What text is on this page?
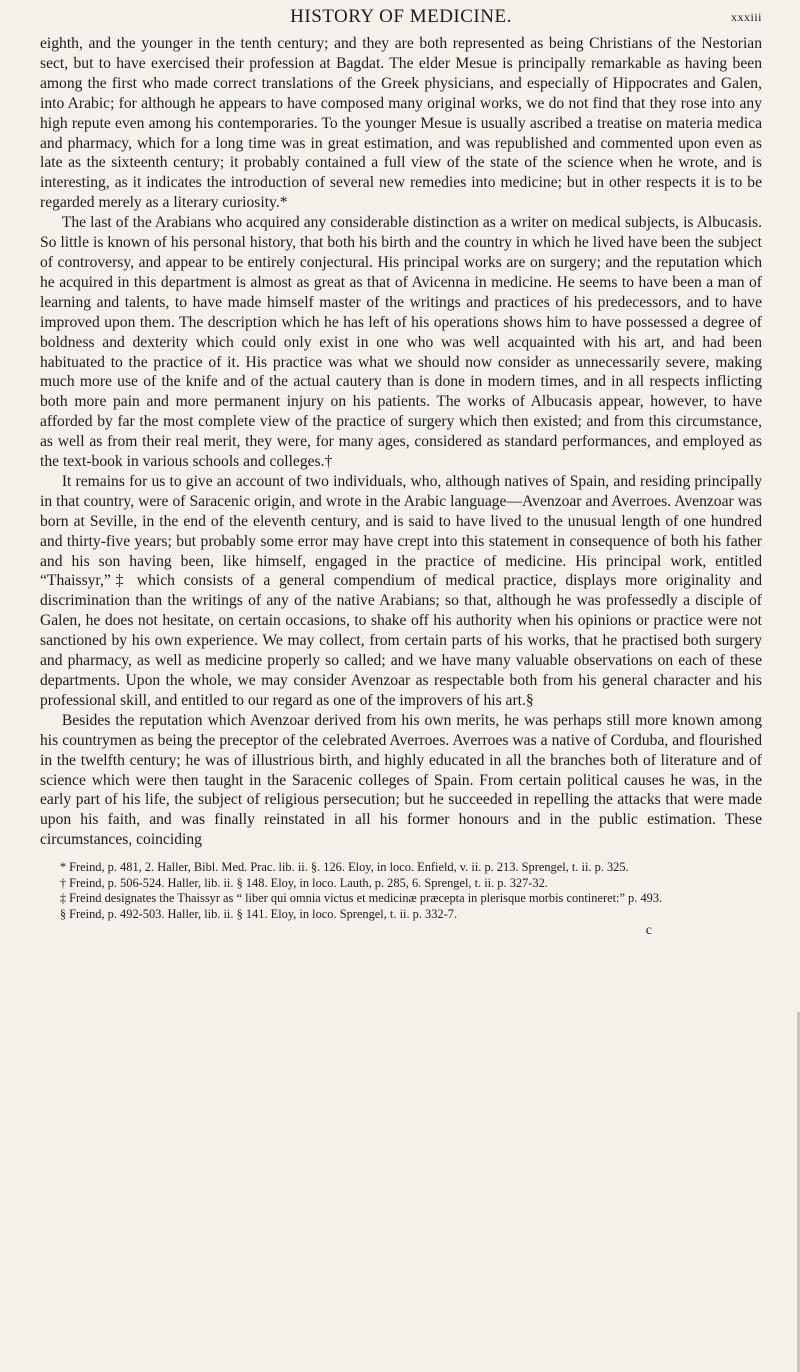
HISTORY OF MEDICINE.	xxxiii

eighth, and the younger in the tenth century; and they are both represented as being Christians of the Nestorian sect, but to have exercised their profession at Bagdat. The elder Mesue is principally remarkable as having been among the first who made correct translations of the Greek physicians, and especially of Hippocrates and Galen, into Arabic; for although he appears to have composed many original works, we do not find that they rose into any high repute even among his contemporaries. To the younger Mesue is usually ascribed a treatise on materia medica and pharmacy, which for a long time was in great estimation, and was republished and commented upon even as late as the sixteenth century; it probably contained a full view of the state of the science when he wrote, and is interesting, as it indicates the introduction of several new remedies into medicine; but in other respects it is to be regarded merely as a literary curiosity.*

The last of the Arabians who acquired any considerable distinction as a writer on medical subjects, is Albucasis. So little is known of his personal history, that both his birth and the country in which he lived have been the subject of controversy, and appear to be entirely conjectural. His principal works are on surgery; and the reputation which he acquired in this department is almost as great as that of Avicenna in medicine. He seems to have been a man of learning and talents, to have made himself master of the writings and practices of his predecessors, and to have improved upon them. The description which he has left of his operations shows him to have possessed a degree of boldness and dexterity which could only exist in one who was well acquainted with his art, and had been habituated to the practice of it. His practice was what we should now consider as unnecessarily severe, making much more use of the knife and of the actual cautery than is done in modern times, and in all respects inflicting both more pain and more permanent injury on his patients. The works of Albucasis appear, however, to have afforded by far the most complete view of the practice of surgery which then existed; and from this circumstance, as well as from their real merit, they were, for many ages, considered as standard performances, and employed as the text-book in various schools and colleges.†

It remains for us to give an account of two individuals, who, although natives of Spain, and residing principally in that country, were of Saracenic origin, and wrote in the Arabic language—Avenzoar and Averroes. Avenzoar was born at Seville, in the end of the eleventh century, and is said to have lived to the unusual length of one hundred and thirty-five years; but probably some error may have crept into this statement in consequence of both his father and his son having been, like himself, engaged in the practice of medicine. His principal work, entitled “Thaissyr,”‡ which consists of a general compendium of medical practice, displays more originality and discrimination than the writings of any of the native Arabians; so that, although he was professedly a disciple of Galen, he does not hesitate, on certain occasions, to shake off his authority when his opinions or practice were not sanctioned by his own experience. We may collect, from certain parts of his works, that he practised both surgery and pharmacy, as well as medicine properly so called; and we have many valuable observations on each of these departments. Upon the whole, we may consider Avenzoar as respectable both from his general character and his professional skill, and entitled to our regard as one of the improvers of his art.§

Besides the reputation which Avenzoar derived from his own merits, he was perhaps still more known among his countrymen as being the preceptor of the celebrated Averroes. Averroes was a native of Corduba, and flourished in the twelfth century; he was of illustrious birth, and highly educated in all the branches both of literature and of science which were then taught in the Saracenic colleges of Spain. From certain political causes he was, in the early part of his life, the subject of religious persecution; but he succeeded in repelling the attacks that were made upon his faith, and was finally reinstated in all his former honours and in the public estimation. These circumstances, coinciding

* Freind, p. 481, 2. Haller, Bibl. Med. Prac. lib. ii. §. 126. Eloy, in loco. Enfield, v. ii. p. 213. Sprengel, t. ii. p. 325.

† Freind, p. 506-524. Haller, lib. ii. § 148. Eloy, in loco. Lauth, p. 285, 6. Sprengel, t. ii. p. 327-32.

‡ Freind designates the Thaissyr as “ liber qui omnia victus et medicinæ præcepta in plerisque morbis contineret:” p. 493.

§ Freind, p. 492-503. Haller, lib. ii. § 141. Eloy, in loco. Sprengel, t. ii. p. 332-7.

c
